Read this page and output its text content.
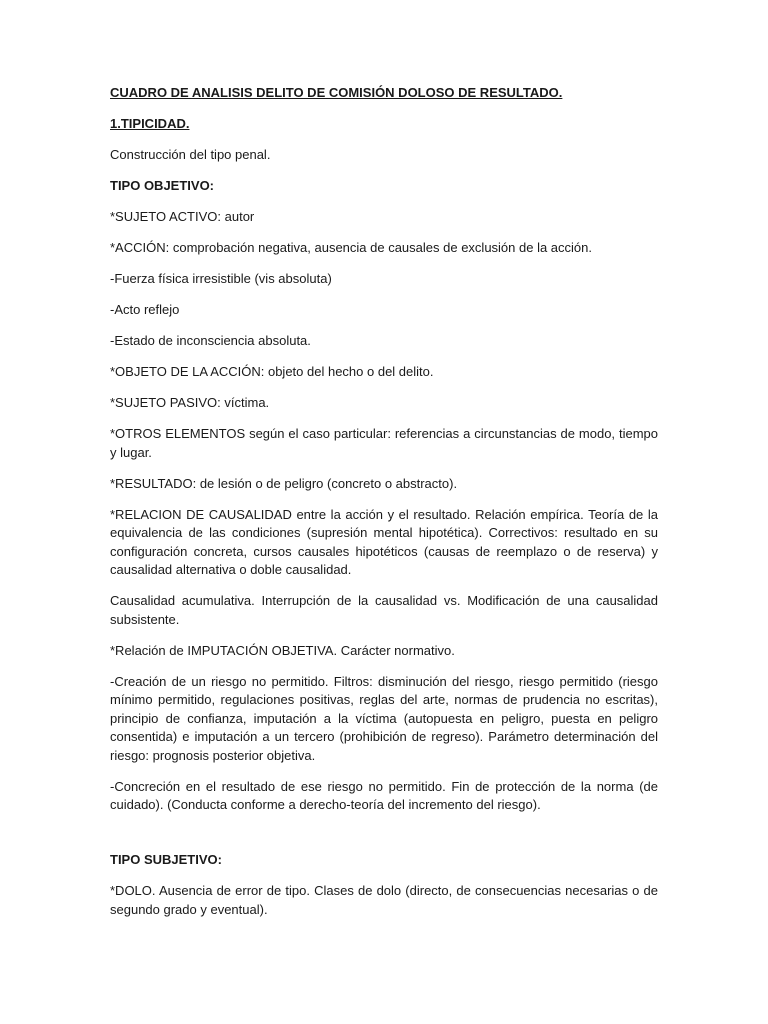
CUADRO DE ANALISIS DELITO DE COMISIÓN DOLOSO DE RESULTADO.

1.TIPICIDAD.

Construcción del tipo penal.

TIPO OBJETIVO:

*SUJETO ACTIVO: autor

*ACCIÓN: comprobación negativa, ausencia de causales de exclusión de la acción.

-Fuerza física irresistible (vis absoluta)

-Acto reflejo

-Estado de inconsciencia absoluta.

*OBJETO DE LA ACCIÓN: objeto del hecho o del delito.

*SUJETO PASIVO: víctima.

*OTROS ELEMENTOS según el caso particular: referencias a circunstancias de modo, tiempo y lugar.

*RESULTADO: de lesión o de peligro (concreto o abstracto).

*RELACION DE CAUSALIDAD entre la acción y el resultado. Relación empírica. Teoría de la equivalencia de las condiciones (supresión mental hipotética). Correctivos: resultado en su configuración concreta, cursos causales hipotéticos (causas de reemplazo o de reserva) y causalidad alternativa o doble causalidad.

Causalidad acumulativa. Interrupción de la causalidad vs. Modificación de una causalidad subsistente.

*Relación de IMPUTACIÓN OBJETIVA. Carácter normativo.

-Creación de un riesgo no permitido. Filtros: disminución del riesgo, riesgo permitido (riesgo mínimo permitido, regulaciones positivas, reglas del arte, normas de prudencia no escritas), principio de confianza, imputación a la víctima (autopuesta en peligro, puesta en peligro consentida) e imputación a un tercero (prohibición de regreso). Parámetro determinación del riesgo: prognosis posterior objetiva.

-Concreción en el resultado de ese riesgo no permitido. Fin de protección de la norma (de cuidado). (Conducta conforme a derecho-teoría del incremento del riesgo).

TIPO SUBJETIVO:

*DOLO. Ausencia de error de tipo. Clases de dolo (directo, de consecuencias necesarias o de segundo grado y eventual).
